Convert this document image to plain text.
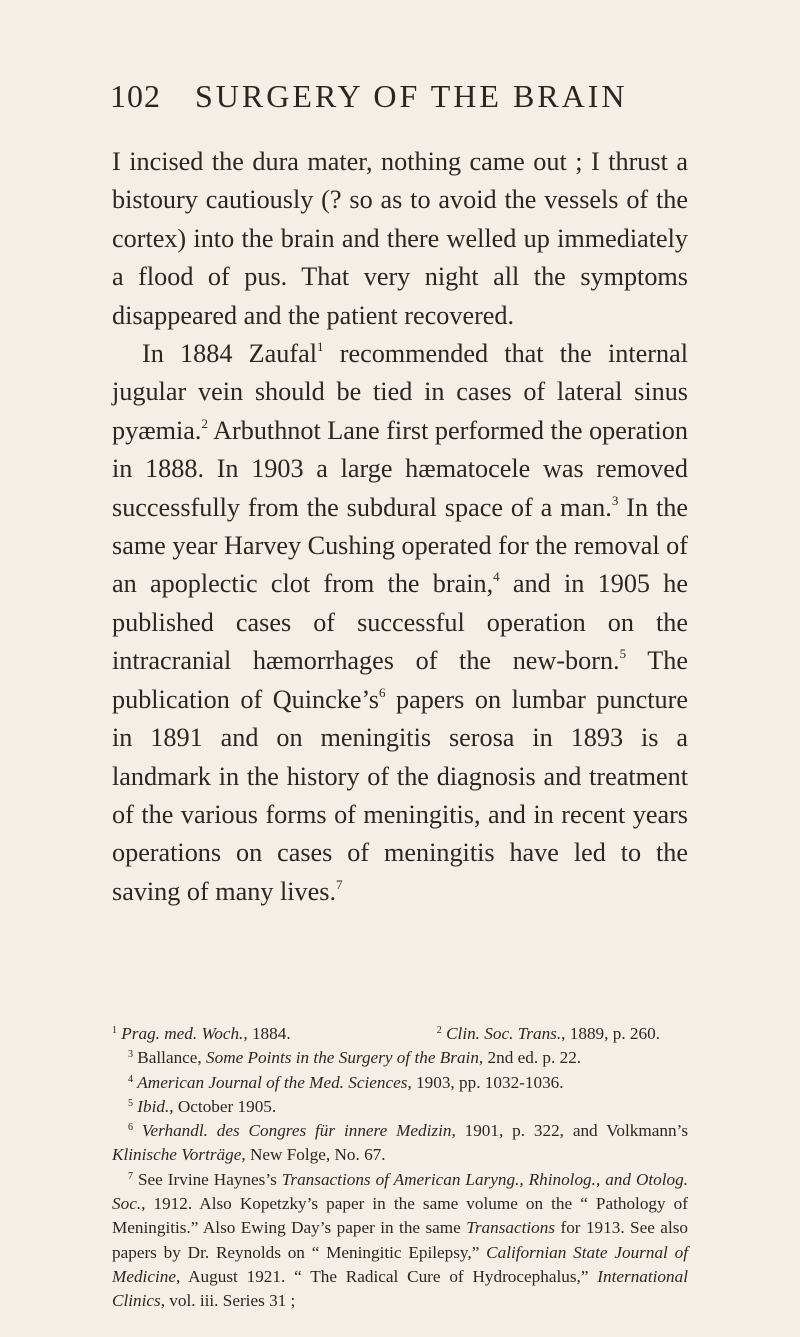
102 SURGERY OF THE BRAIN

I incised the dura mater, nothing came out ; I thrust a bistoury cautiously (? so as to avoid the vessels of the cortex) into the brain and there welled up immediately a flood of pus. That very night all the symptoms disappeared and the patient recovered.

In 1884 Zaufal$^1$ recommended that the internal jugular vein should be tied in cases of lateral sinus pyæmia.$^2$ Arbuthnot Lane first performed the operation in 1888. In 1903 a large hæmatocele was removed successfully from the subdural space of a man.$^3$ In the same year Harvey Cushing operated for the removal of an apoplectic clot from the brain,$^4$ and in 1905 he published cases of successful operation on the intracranial hæmorrhages of the new-born.$^5$ The publication of $Quincke’s^6$ papers on lumbar puncture in 1891 and on meningitis serosa in 1893 is a landmark in the history of the diagnosis and treatment of the various forms of meningitis, and in recent years operations on cases of meningitis have led to the saving of many lives.$^7$

$^1$ Prag. med. Woch., 1884.	$^2$ Clin. Soc. Trans., 1889, p. 260.

$^3$ Ballance, Some Points in the Surgery of the Brain, 2nd ed. p. 22.

$^4$ American Journal of the Med. Sciences, 1903, pp. 1032-1036.

$^5$ Ibid., October 1905.

$^6$ Verhandl. des Congres für innere Medizin, 1901, p. 322, and Volkmann’s Klinische Vorträge, New Folge, No. 67.

$^7$ See Irvine Haynes’s Transactions of American Laryng., Rhinolog., and Otolog. Soc., 1912. Also Kopetzky’s paper in the same volume on the “ Pathology of Meningitis.” Also Ewing Day’s paper in the same Transactions for 1913. See also papers by Dr. Reynolds on “ Meningitic Epilepsy,” Californian State Journal of Medicine, August 1921. “ The Radical Cure of Hydrocephalus,” International Clinics, vol. iii. Series 31 ;
